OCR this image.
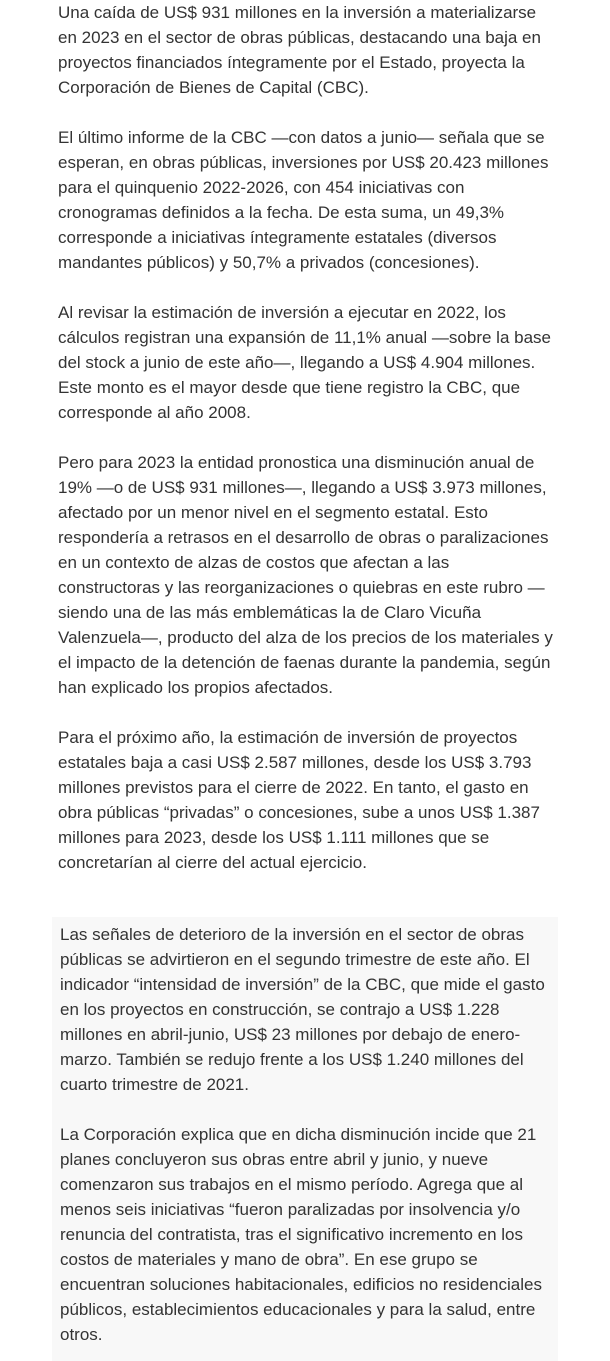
Una caída de US$ 931 millones en la inversión a materializarse en 2023 en el sector de obras públicas, destacando una baja en proyectos financiados íntegramente por el Estado, proyecta la Corporación de Bienes de Capital (CBC).

El último informe de la CBC —con datos a junio— señala que se esperan, en obras públicas, inversiones por US$ 20.423 millones para el quinquenio 2022-2026, con 454 iniciativas con cronogramas definidos a la fecha. De esta suma, un 49,3% corresponde a iniciativas íntegramente estatales (diversos mandantes públicos) y 50,7% a privados (concesiones).

Al revisar la estimación de inversión a ejecutar en 2022, los cálculos registran una expansión de 11,1% anual —sobre la base del stock a junio de este año—, llegando a US$ 4.904 millones. Este monto es el mayor desde que tiene registro la CBC, que corresponde al año 2008.

Pero para 2023 la entidad pronostica una disminución anual de 19% —o de US$ 931 millones—, llegando a US$ 3.973 millones, afectado por un menor nivel en el segmento estatal. Esto respondería a retrasos en el desarrollo de obras o paralizaciones en un contexto de alzas de costos que afectan a las constructoras y las reorganizaciones o quiebras en este rubro —siendo una de las más emblemáticas la de Claro Vicuña Valenzuela—, producto del alza de los precios de los materiales y el impacto de la detención de faenas durante la pandemia, según han explicado los propios afectados.

Para el próximo año, la estimación de inversión de proyectos estatales baja a casi US$ 2.587 millones, desde los US$ 3.793 millones previstos para el cierre de 2022. En tanto, el gasto en obra públicas “privadas” o concesiones, sube a unos US$ 1.387 millones para 2023, desde los US$ 1.111 millones que se concretarían al cierre del actual ejercicio.

Las señales de deterioro de la inversión en el sector de obras públicas se advirtieron en el segundo trimestre de este año. El indicador “intensidad de inversión” de la CBC, que mide el gasto en los proyectos en construcción, se contrajo a US$ 1.228 millones en abril-junio, US$ 23 millones por debajo de enero-marzo. También se redujo frente a los US$ 1.240 millones del cuarto trimestre de 2021.

La Corporación explica que en dicha disminución incide que 21 planes concluyeron sus obras entre abril y junio, y nueve comenzaron sus trabajos en el mismo período. Agrega que al menos seis iniciativas “fueron paralizadas por insolvencia y/o renuncia del contratista, tras el significativo incremento en los costos de materiales y mano de obra”. En ese grupo se encuentran soluciones habitacionales, edificios no residenciales públicos, establecimientos educacionales y para la salud, entre otros.
